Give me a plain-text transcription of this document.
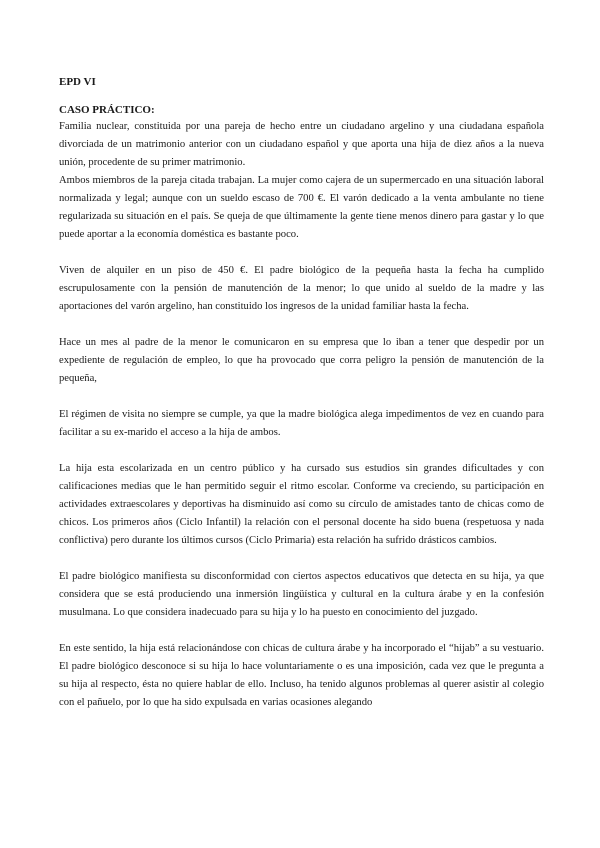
EPD VI
CASO PRÁCTICO:

Familia nuclear, constituida por una pareja de hecho entre un ciudadano argelino y una ciudadana española divorciada de un matrimonio anterior con un ciudadano español y que aporta una hija de diez años a la nueva unión, procedente de su primer matrimonio.

Ambos miembros de la pareja citada trabajan. La mujer como cajera de un supermercado en una situación laboral normalizada y legal; aunque con un sueldo escaso de 700 €. El varón dedicado a la venta ambulante no tiene regularizada su situación en el país. Se queja de que últimamente la gente tiene menos dinero para gastar y lo que puede aportar a la economía doméstica es bastante poco.

Viven de alquiler en un piso de 450 €. El padre biológico de la pequeña hasta la fecha ha cumplido escrupulosamente con la pensión de manutención de la menor; lo que unido al sueldo de la madre y las aportaciones del varón argelino, han constituido los ingresos de la unidad familiar hasta la fecha.

Hace un mes al padre de la menor le comunicaron en su empresa que lo iban a tener que despedir por un expediente de regulación de empleo, lo que ha provocado que corra peligro la pensión de manutención de la pequeña,

El régimen de visita no siempre se cumple, ya que la madre biológica alega impedimentos de vez en cuando para facilitar a su ex-marido el acceso a la hija de ambos.

La hija esta escolarizada en un centro público y ha cursado sus estudios sin grandes dificultades y con calificaciones medias que le han permitido seguir el ritmo escolar. Conforme va creciendo, su participación en actividades extraescolares y deportivas ha disminuido así como su círculo de amistades tanto de chicas como de chicos. Los primeros años (Ciclo Infantil) la relación con el personal docente ha sido buena (respetuosa y nada conflictiva) pero durante los últimos cursos (Ciclo Primaria) esta relación ha sufrido drásticos cambios.

El padre biológico manifiesta su disconformidad con ciertos aspectos educativos que detecta en su hija, ya que considera que se está produciendo una inmersión lingüística y cultural en la cultura árabe y en la confesión musulmana. Lo que considera inadecuado para su hija y lo ha puesto en conocimiento del juzgado.

En este sentido, la hija está relacionándose con chicas de cultura árabe y ha incorporado el “hijab” a su vestuario. El padre biológico desconoce si su hija lo hace voluntariamente o es una imposición, cada vez que le pregunta a su hija al respecto, ésta no quiere hablar de ello. Incluso, ha tenido algunos problemas al querer asistir al colegio con el pañuelo, por lo que ha sido expulsada en varias ocasiones alegando
